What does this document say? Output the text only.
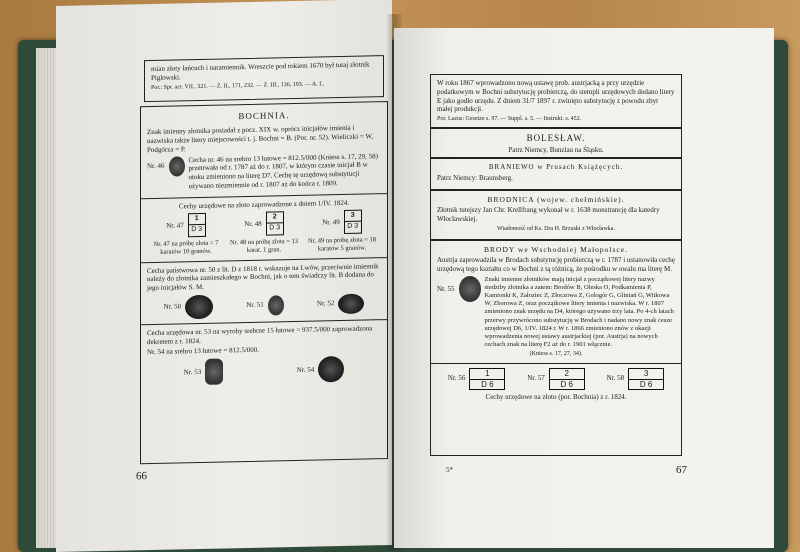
mian złoty łańcuch i naramiennik. Wreszcie pod rokiem 1670 był tutaj złotnik Piglowski.

Por.: Spr. act. VII., 321. — Ż. II., 171, 232. — Ż. III., 136, 193. — A. L.

BOCHNIA.

Znak imienny złotnika posiadał z pocz. XIX w. oprócz inicjałów imienia i nazwiska także litery miejscowości t. j. Bochni = B. (Por. nr. 52). Wieliczki = W, Podgórza = P.

Nr. 46

Cecha nr. 46 na srebro 13 łutowe = 812.5/000 (Kniess s. 17, 29, 58) przetrwała od r. 1787 aż do r. 1807, w którym czasie inicjał B w otoku zmieniono na literę D7. Cechę tę urzędową substytucji używano niezmiennie od r. 1807 aż do końca r. 1809.

Cechy urzędowe na złoto zaprowadzone z dniem 1/IV. 1824.

Nr. 47
1
D 3
Nr. 48
2
D 3
Nr. 49
3
D 3
Nr. 47 na próbę złota = 7 karatów 10 granów.
Nr. 48 na próbę złota = 13 karat. 1 gran.
Nr. 49 na próbę złota = 18 karatów 5 granów.

Cecha państwowa nr. 50 z lit. D z 1818 r. wskazuje na Lwów, przeciwnie imiennik należy do złotnika zamieszkałego w Bochni, jak o tem świadczy lit. B dodana do jego inicjałów S. M.

Nr. 50	Nr. 51	Nr. 52

Cecha urzędowa nr. 53 na wyroby srebrne 15 łutowe = 937.5/000 zaprowadzona dekretem z r. 1824.

Nr. 54 na srebro 13 łutowe = 812.5/000.

Nr. 53	Nr. 54
66

W roku 1867 wprowadzono nową ustawę prob. austrjacką a przy urzędzie podatkowym w Bochni substytucję probierczą, do stempli urzędowych dodano litery E jako godło urzędu. Z dniem 31/7 1897 r. zwinięto substytucję z powodu zbyt małej produkcji.

Por. Lazus: Gesetze s. 97. — Suppl. s. 5. — Instrukt. s. 452.

BOLESŁAW.

Patrz Niemcy, Bunzlau na Śląsku.

BRANIEWO w Prusach Książęcych.

Patrz Niemcy: Braunsberg.

BRODNICA (wojew. chełmińskie).

Złotnik tutejszy Jan Chr. Krellfrang wykonał w r. 1638 monstrancję dla katedry Włocławskiej.

Wiadomość od Ks. Dra H. Brzuski z Włocławka.

BRODY we Wschodniej Małopolsce.

Austrja zaprowadziła w Brodach substytucję probierczą w r. 1787 i ustanowiła cechę urzędową tego kształtu co w Bochni z tą różnicą, że pośrodku w owalu ma literę M.

Nr. 55

Znaki imienne złotników mają inicjał z początkowej litery nazwy siedziby złotnika a zatem: Brodów B, Oleska O, Podkamienia P, Kamionki K, Załoziec Z, Złoczowa Z, Gologór G, Gliniań G, Witkowa W, Zborowa Z, oraz początkowe litery imienia i nazwiska. W r. 1807 zmieniono znak urzędu na D4, którego używano trzy lata. Po 4-ch latach przerwy przywrócono substytucję w Brodach i nadano nowy znak cesze urzędowej D6, 1/IV. 1824 r. W r. 1866 zmieniono znów z okazji wprowadzenia nowej ustawy austrjackiej (por. Austrja) na nowych cechach znak na literę F2 aż do r. 1901 włącznie.

(Kniess s. 17, 27, 34).

Nr. 56
1
D 6
Nr. 57
2
D 6
Nr. 58
3
D 6

Cechy urzędowe na złoto (por. Bochnia) z r. 1824.

5*	67
